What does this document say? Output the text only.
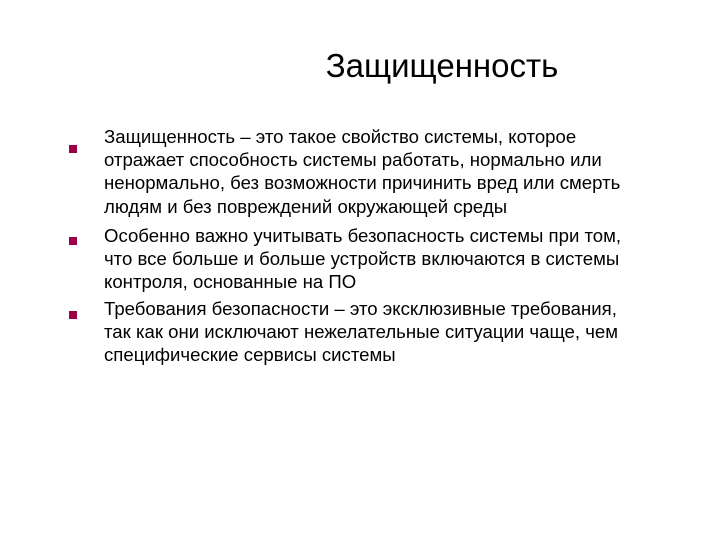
Защищенность

Защищенность – это такое свойство системы, которое
отражает способность системы работать, нормально или
ненормально, без возможности причинить вред или смерть
людям и без повреждений окружающей среды

Особенно важно учитывать безопасность системы при том,
что все больше и больше устройств включаются в системы
контроля, основанные на ПО

Требования безопасности – это эксклюзивные требования,
так как они исключают нежелательные ситуации чаще, чем
специфические сервисы системы
